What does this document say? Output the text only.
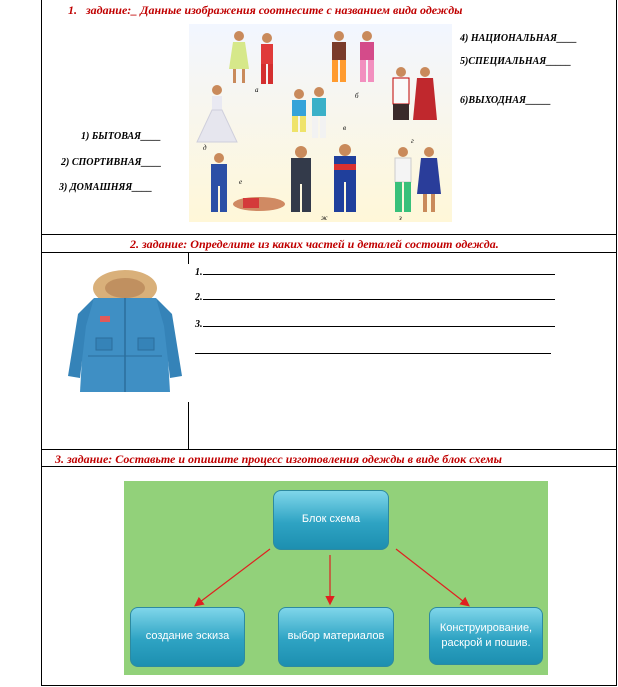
1. задание:_ Данные изображения соотнесите с названием вида одежды
а
б
в
г
д
е
ж	з
1) БЫТОВАЯ____
2) СПОРТИВНАЯ____
3) ДОМАШНЯЯ____
4) НАЦИОНАЛЬНАЯ____
5)СПЕЦИАЛЬНАЯ_____
6)ВЫХОДНАЯ_____
2. задание: Определите из каких частей и деталей состоит одежда.
1.
2.
3.
3. задание: Составьте и опишите процесс изготовления одежды в виде блок схемы
Блок схема
создание эскиза	выбор материалов
Конструирование, раскрой и пошив.
